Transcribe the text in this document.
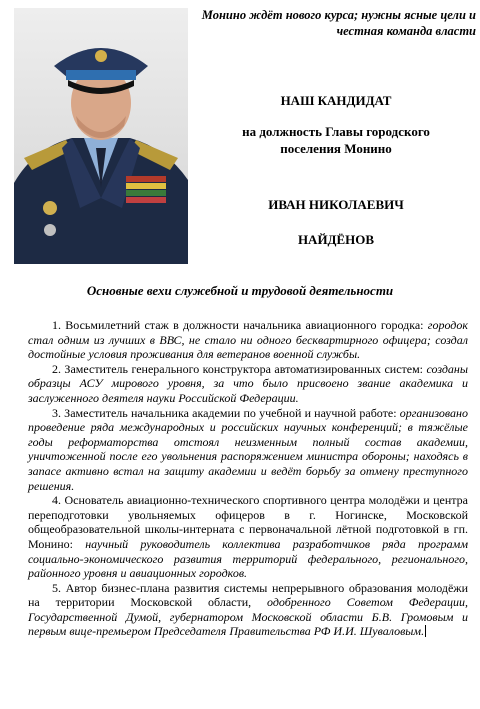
Монино ждёт нового курса; нужны ясные цели и честная команда власти
НАШ КАНДИДАТ
на должность Главы городского
поселения Монино
ИВАН НИКОЛАЕВИЧ
НАЙДЁНОВ
Основные вехи служебной и трудовой деятельности

1. Восьмилетний стаж в должности начальника авиационного городка: городок стал одним из лучших в ВВС, не стало ни одного бесквартирного офицера; создал достойные условия проживания для ветеранов военной службы.

2. Заместитель генерального конструктора автоматизированных систем: созданы образцы АСУ мирового уровня, за что было присвоено звание академика и заслуженного деятеля науки Российской Федерации.

3. Заместитель начальника академии по учебной и научной работе: организовано проведение ряда международных и российских научных конференций; в тяжёлые годы реформаторства отстоял неизменным полный состав академии, уничтоженной после его увольнения распоряжением министра обороны; находясь в запасе активно встал на защиту академии и ведёт борьбу за отмену преступного решения.

4. Основатель авиационно-технического спортивного центра молодёжи и центра переподготовки увольняемых офицеров в г. Ногинске, Московской общеобразовательной школы-интерната с первоначальной лётной подготовкой в гп. Монино: научный руководитель коллектива разработчиков ряда программ социально-экономического развития территорий федерального, регионального, районного уровня и авиационных городков.

5. Автор бизнес-плана развития системы непрерывного образования молодёжи на территории Московской области, одобренного Советом Федерации, Государственной Думой, губернатором Московской области Б.В. Громовым и первым вице-премьером Председателя Правительства РФ И.И. Шуваловым.
